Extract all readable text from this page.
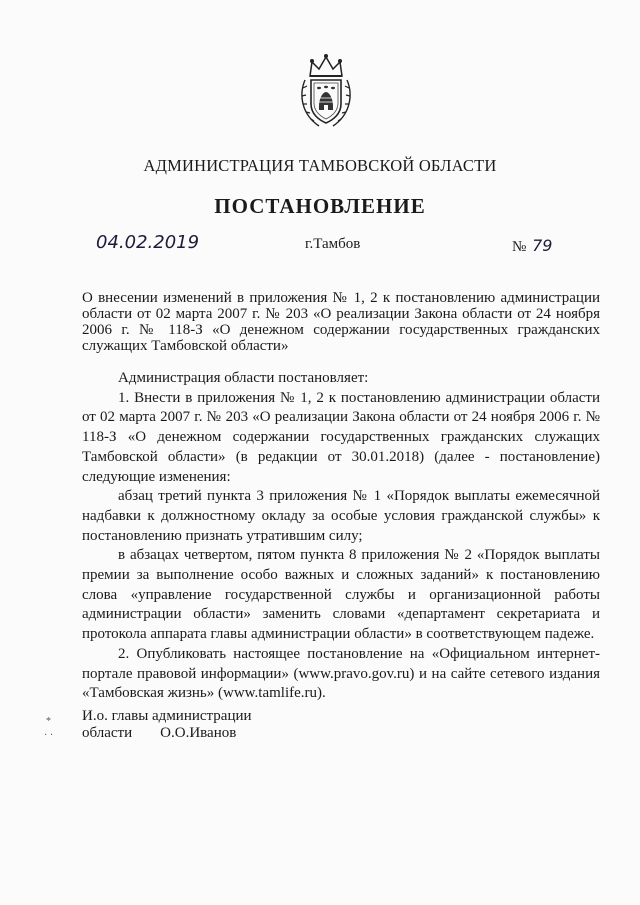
АДМИНИСТРАЦИЯ ТАМБОВСКОЙ ОБЛАСТИ
ПОСТАНОВЛЕНИЕ
04.02.2019	г.Тамбов	№ 79
О внесении изменений в приложения № 1, 2 к постановлению администрации области от 02 марта 2007 г. № 203 «О реализации Закона области от 24 ноября 2006 г. № 118-З «О денежном содержании государственных гражданских служащих Тамбовской области»

Администрация области постановляет:

1. Внести в приложения № 1, 2 к постановлению администрации области от 02 марта 2007 г. № 203 «О реализации Закона области от 24 ноября 2006 г. № 118-З «О денежном содержании государственных гражданских служащих Тамбовской области» (в редакции от 30.01.2018) (далее - постановление) следующие изменения:

абзац третий пункта 3 приложения № 1 «Порядок выплаты ежемесячной надбавки к должностному окладу за особые условия гражданской службы» к постановлению признать утратившим силу;

в абзацах четвертом, пятом пункта 8 приложения № 2 «Порядок выплаты премии за выполнение особо важных и сложных заданий» к постановлению слова «управление государственной службы и организационной работы администрации области» заменить словами «департамент секретариата и протокола аппарата главы администрации области» в соответствующем падеже.

2. Опубликовать настоящее постановление на «Официальном интернет-портале правовой информации» (www.pravo.gov.ru) и на сайте сетевого издания «Тамбовская жизнь» (www.tamlife.ru).

*
· ·
И.о. главы администрации
области О.О.Иванов
